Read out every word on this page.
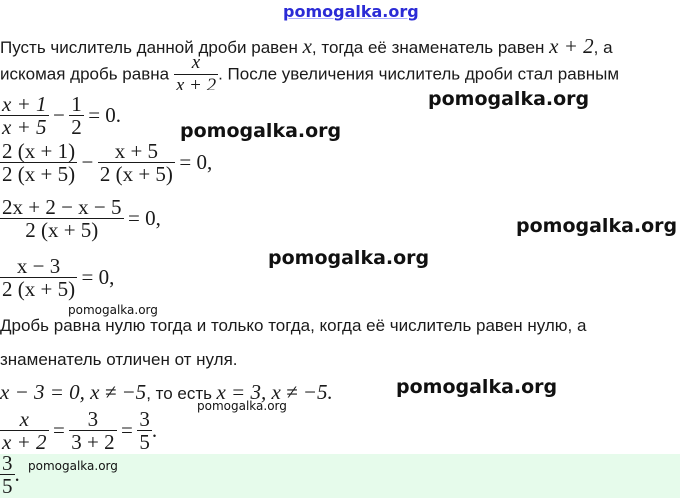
pomogalka.org
Пусть числитель данной дроби равен x, тогда её знаменатель равен x + 2, а
искомая дробь равна $\frac{x}{x + 2}$ . После увеличения числитель дроби стал равным
$\frac{x + 1}{x + 5} - \frac{1}{2} = 0$.
$\frac{2 (x + 1)}{2 (x + 5)} - \frac{x + 5}{2 (x + 5)} = 0$,
$\frac{2x + 2 - x - 5}{2 (x + 5)} = 0$,
$\frac{x - 3}{2 (x + 5)} = 0$,
Дробь равна нулю тогда и только тогда, когда её числитель равен нулю, а
знаменатель отличен от нуля.
x − 3 = 0, x ≠ −5, то есть x = 3, x ≠ −5.
$\frac{x}{x + 2} = \frac{3}{3 + 2} = \frac{3}{5}$ .
$\frac{3}{5}$ .
pomogalka.org
pomogalka.org
pomogalka.org
pomogalka.org
pomogalka.org
pomogalka.org
pomogalka.org
pomogalka.org
